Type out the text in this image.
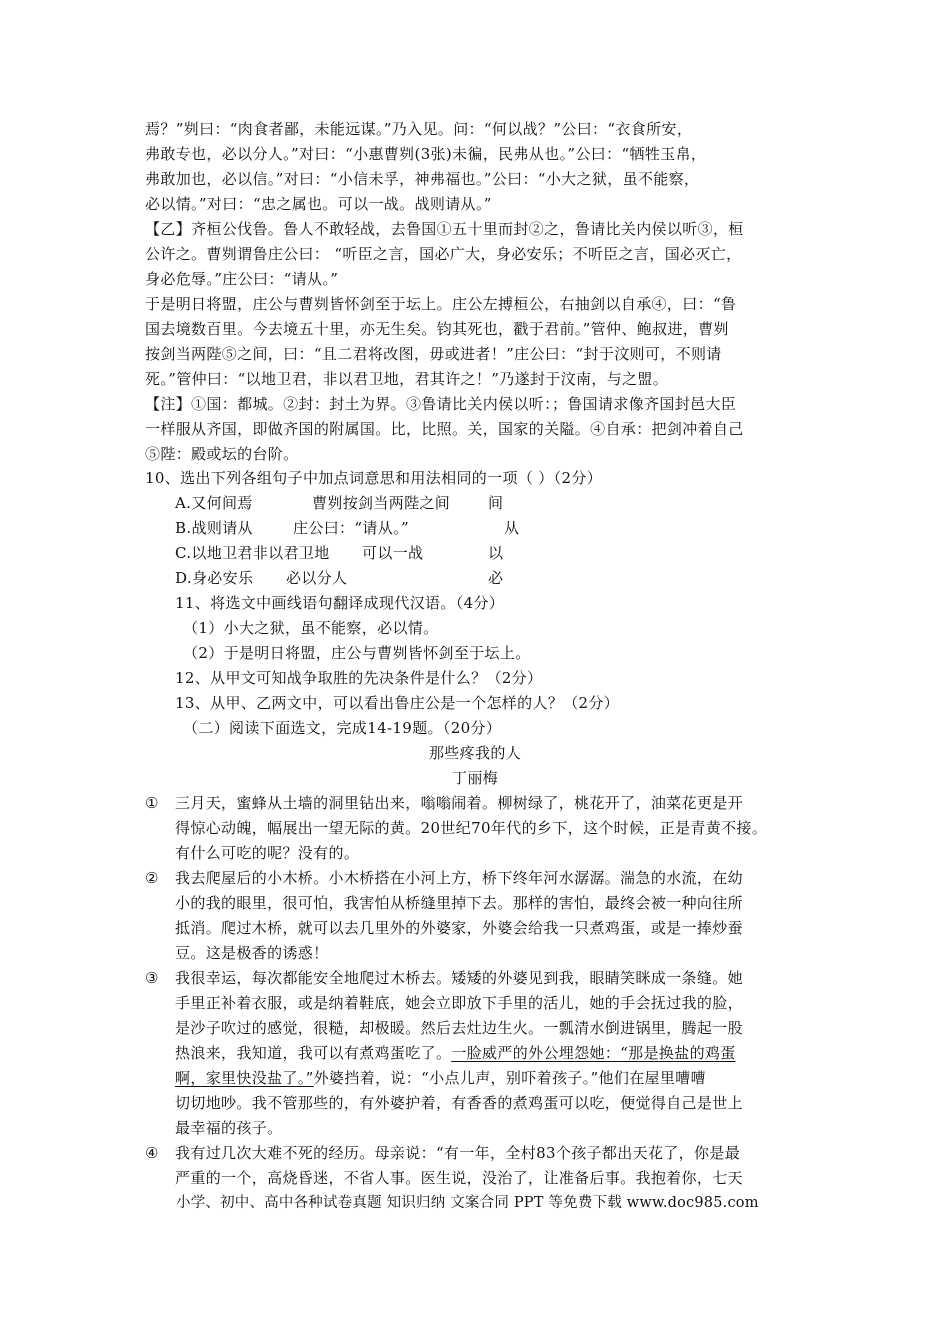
焉？”刿曰：“肉食者鄙，未能远谋。”乃入见。问：“何以战？”公曰：“衣食所安，
弗敢专也，必以分人。”对曰：“小惠曹刿(3张)未徧，民弗从也。”公曰：“牺牲玉帛，
弗敢加也，必以信。”对曰：“小信未孚，神弗福也。”公曰：“小大之狱，虽不能察，
必以情。”对曰：“忠之属也。可以一战。战则请从。”
【乙】齐桓公伐鲁。鲁人不敢轻战，去鲁国①五十里而封②之，鲁请比关内侯以听③，桓
公许之。曹刿谓鲁庄公曰： “听臣之言，国必广大，身必安乐；不听臣之言，国必灭亡，
身必危辱。”庄公曰：“请从。”
于是明日将盟，庄公与曹刿皆怀剑至于坛上。庄公左搏桓公，右抽剑以自承④，曰：“鲁
国去境数百里。今去境五十里，亦无生矣。钧其死也，戳于君前。”管仲、鲍叔进，曹刿
按剑当两陛⑤之间，曰：“且二君将改图，毋或进者！”庄公曰：“封于汶则可，不则请
死。”管仲曰：“以地卫君，非以君卫地，君其许之！”乃遂封于汶南，与之盟。
【注】①国：都城。②封：封土为界。③鲁请比关内侯以听：；鲁国请求像齐国封邑大臣
一样服从齐国，即做齐国的附属国。比，比照。关，国家的关隘。④自承：把剑冲着自己
⑤陛：殿或坛的台阶。
10、选出下列各组句子中加点词意思和用法相同的一项（ ）（2分）
A.又何间焉	曹刿按剑当两陛之间	间
B.战则请从	庄公曰：“请从。”	从
C.以地卫君非以君卫地 可以一战	以
D.身必安乐 必以分人	必
11、将选文中画线语句翻译成现代汉语。（4分）
（1）小大之狱，虽不能察，必以情。
（2）于是明日将盟，庄公与曹刿皆怀剑至于坛上。
12、从甲文可知战争取胜的先决条件是什么？（2分）
13、从甲、乙两文中，可以看出鲁庄公是一个怎样的人？（2分）
（二）阅读下面选文，完成14-19题。（20分）
那些疼我的人
丁丽梅
① 三月天，蜜蜂从土墙的洞里钻出来，嗡嗡闹着。柳树绿了，桃花开了，油菜花更是开
得惊心动魄，幅展出一望无际的黄。20世纪70年代的乡下，这个时候，正是青黄不接。
有什么可吃的呢？没有的。
② 我去爬屋后的小木桥。小木桥搭在小河上方，桥下终年河水潺潺。湍急的水流，在幼
小的我的眼里，很可怕，我害怕从桥缝里掉下去。那样的害怕，最终会被一种向往所
抵消。爬过木桥，就可以去几里外的外婆家，外婆会给我一只煮鸡蛋，或是一捧炒蚕
豆。这是极香的诱惑！
③ 我很幸运，每次都能安全地爬过木桥去。矮矮的外婆见到我，眼睛笑眯成一条缝。她
手里正补着衣服，或是纳着鞋底，她会立即放下手里的活儿，她的手会抚过我的脸，
是沙子吹过的感觉，很糙，却极暖。然后去灶边生火。一瓢清水倒进锅里，腾起一股
热浪来，我知道，我可以有煮鸡蛋吃了。一脸威严的外公埋怨她：“那是换盐的鸡蛋
啊，家里快没盐了。”外婆挡着，说：“小点儿声，别吓着孩子。”他们在屋里嘈嘈
切切地吵。我不管那些的，有外婆护着，有香香的煮鸡蛋可以吃，便觉得自己是世上
最幸福的孩子。
④ 我有过几次大难不死的经历。母亲说：“有一年，全村83个孩子都出天花了，你是最
严重的一个，高烧昏迷，不省人事。医生说，没治了，让准备后事。我抱着你，七天
小学、初中、高中各种试卷真题 知识归纳 文案合同 PPT 等免费下载 www.doc985.com
